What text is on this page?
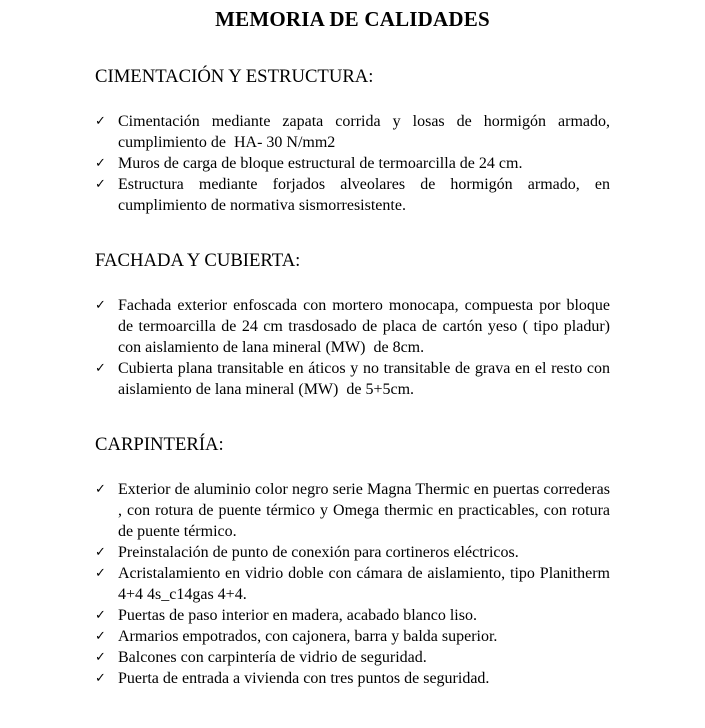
MEMORIA DE CALIDADES
CIMENTACIÓN Y ESTRUCTURA:
✓ Cimentación mediante zapata corrida y losas de hormigón armado, cumplimiento de  HA- 30 N/mm2
✓ Muros de carga de bloque estructural de termoarcilla de 24 cm.
✓ Estructura mediante forjados alveolares de hormigón armado, en cumplimiento de normativa sismorresistente.
FACHADA Y CUBIERTA:
✓ Fachada exterior enfoscada con mortero monocapa, compuesta por bloque de termoarcilla de 24 cm trasdosado de placa de cartón yeso ( tipo pladur) con aislamiento de lana mineral (MW)  de 8cm.
✓ Cubierta plana transitable en áticos y no transitable de grava en el resto con aislamiento de lana mineral (MW)  de 5+5cm.
CARPINTERÍA:
✓ Exterior de aluminio color negro serie Magna Thermic en puertas correderas , con rotura de puente térmico y Omega thermic en practicables, con rotura de puente térmico.
✓ Preinstalación de punto de conexión para cortineros eléctricos.
✓ Acristalamiento en vidrio doble con cámara de aislamiento, tipo Planitherm 4+4 4s_c14gas 4+4.
✓ Puertas de paso interior en madera, acabado blanco liso.
✓ Armarios empotrados, con cajonera, barra y balda superior.
✓ Balcones con carpintería de vidrio de seguridad.
✓ Puerta de entrada a vivienda con tres puntos de seguridad.
